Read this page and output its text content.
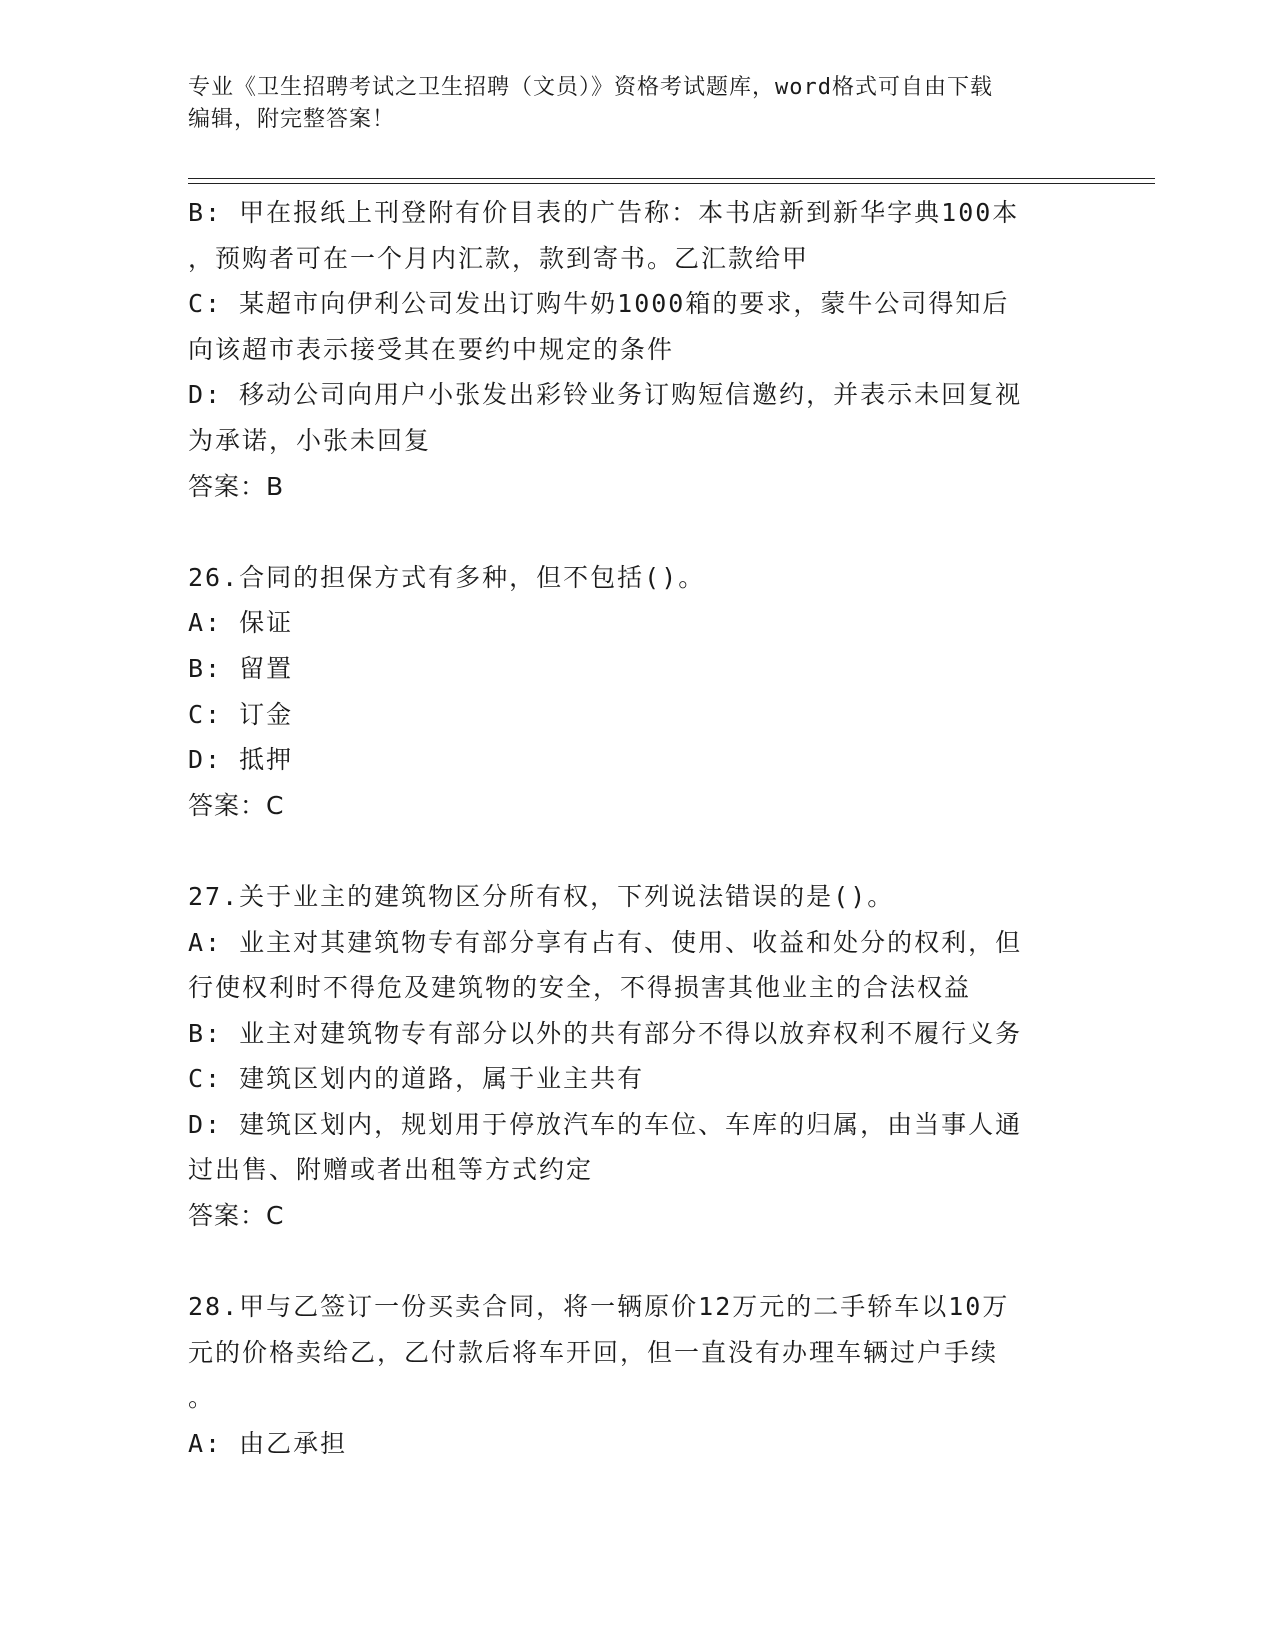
专业《卫生招聘考试之卫生招聘（文员）》资格考试题库，word格式可自由下载
编辑，附完整答案！
B: 甲在报纸上刊登附有价目表的广告称：本书店新到新华字典100本
，预购者可在一个月内汇款，款到寄书。乙汇款给甲
C: 某超市向伊利公司发出订购牛奶1000箱的要求，蒙牛公司得知后
向该超市表示接受其在要约中规定的条件
D: 移动公司向用户小张发出彩铃业务订购短信邀约，并表示未回复视
为承诺，小张未回复
答案：B
26.合同的担保方式有多种，但不包括()。
A: 保证
B: 留置
C: 订金
D: 抵押
答案：C
27.关于业主的建筑物区分所有权，下列说法错误的是()。
A: 业主对其建筑物专有部分享有占有、使用、收益和处分的权利，但
行使权利时不得危及建筑物的安全，不得损害其他业主的合法权益
B: 业主对建筑物专有部分以外的共有部分不得以放弃权利不履行义务
C: 建筑区划内的道路，属于业主共有
D: 建筑区划内，规划用于停放汽车的车位、车库的归属，由当事人通
过出售、附赠或者出租等方式约定
答案：C
28.甲与乙签订一份买卖合同，将一辆原价12万元的二手轿车以10万
元的价格卖给乙，乙付款后将车开回，但一直没有办理车辆过户手续
。
A: 由乙承担
